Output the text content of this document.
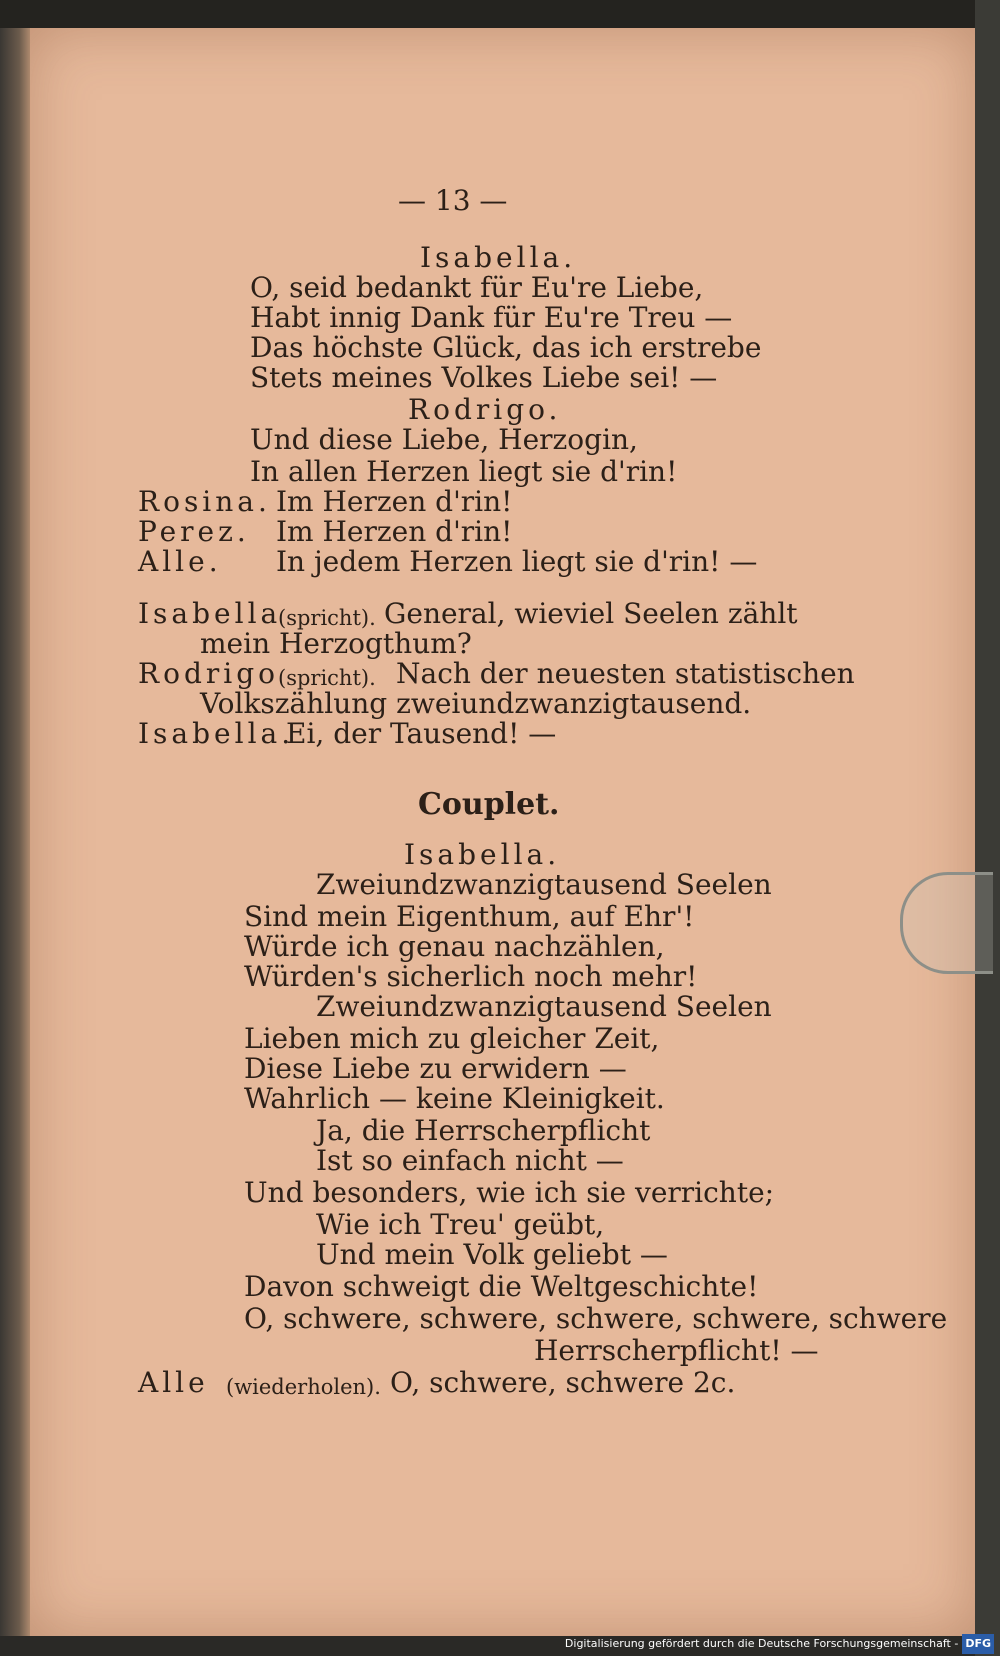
— 13 —
Isabella.
O, seid bedankt für Eu're Liebe,
Habt innig Dank für Eu're Treu —
Das höchste Glück, das ich erstrebe
Stets meines Volkes Liebe sei! —
Rodrigo.
Und diese Liebe, Herzogin,
In allen Herzen liegt sie d'rin!
Rosina. Im Herzen d'rin!
Perez. Im Herzen d'rin!
Alle. In jedem Herzen liegt sie d'rin! —
Isabella
(spricht). General, wieviel Seelen zählt
mein Herzogthum?
Rodrigo (spricht). Nach der neuesten statistischen
Volkszählung zweiundzwanzigtausend.
Isabella.
Ei, der Tausend! —
Couplet.
Isabella.
Zweiundzwanzigtausend Seelen
Sind mein Eigenthum, auf Ehr'!
Würde ich genau nachzählen,
Würden's sicherlich noch mehr!
Zweiundzwanzigtausend Seelen
Lieben mich zu gleicher Zeit,
Diese Liebe zu erwidern —
Wahrlich — keine Kleinigkeit.
Ja, die Herrscherpflicht
Ist so einfach nicht —
Und besonders, wie ich sie verrichte;
Wie ich Treu' geübt,
Und mein Volk geliebt —
Davon schweigt die Weltgeschichte!
O, schwere, schwere, schwere, schwere, schwere
Herrscherpflicht! —
Alle (wiederholen). O, schwere, schwere 2c.
Digitalisierung gefördert durch die Deutsche Forschungsgemeinschaft - DFG
